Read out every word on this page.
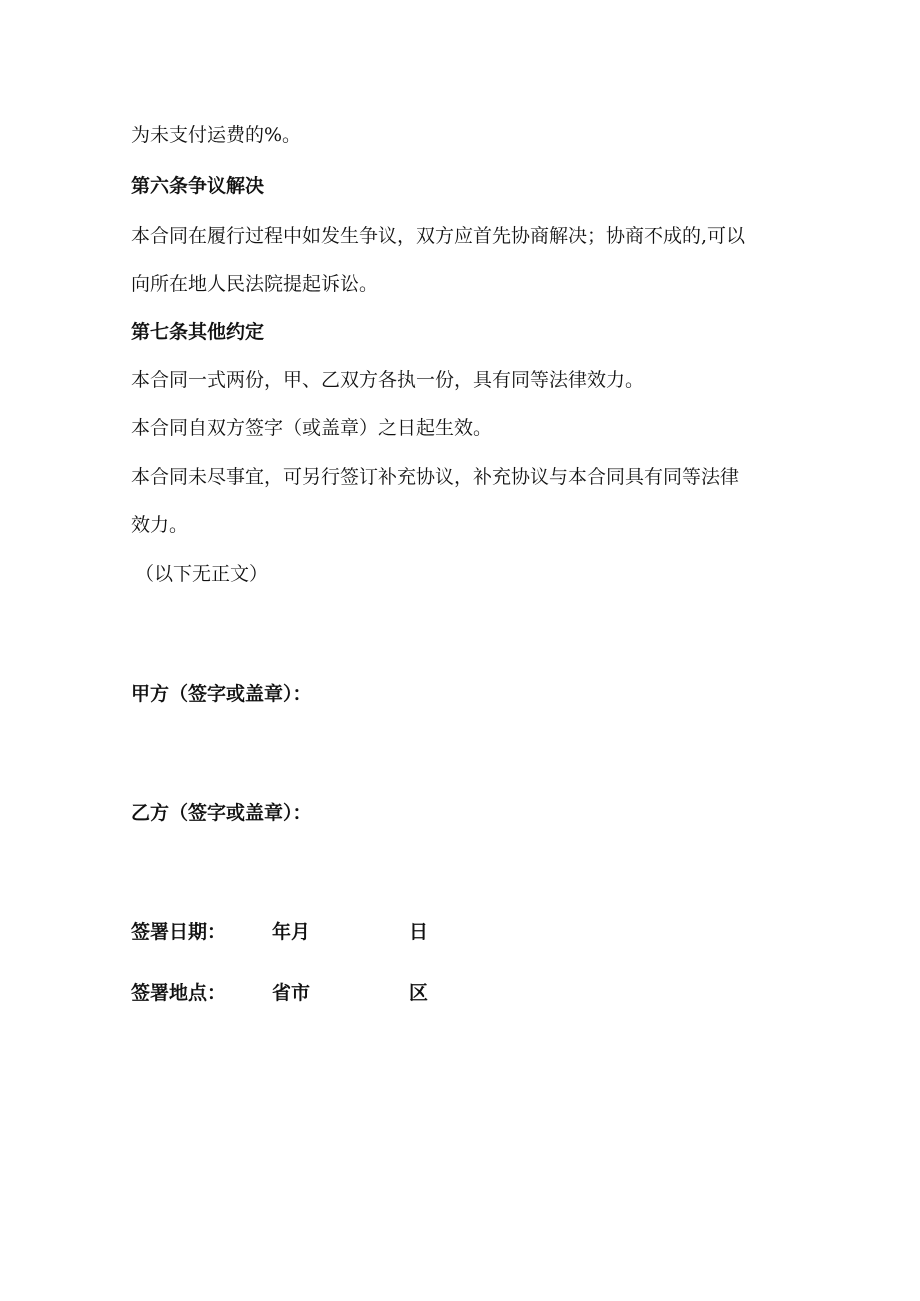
为未支付运费的%。
第六条争议解决
本合同在履行过程中如发生争议，双方应首先协商解决；协商不成的,可以
向所在地人民法院提起诉讼。
第七条其他约定
本合同一式两份，甲、乙双方各执一份，具有同等法律效力。
本合同自双方签字（或盖章）之日起生效。
本合同未尽事宜，可另行签订补充协议，补充协议与本合同具有同等法律
效力。
（以下无正文）
甲方（签字或盖章）：
乙方（签字或盖章）：
签署日期： 年月	日
签署地点： 省市	区
